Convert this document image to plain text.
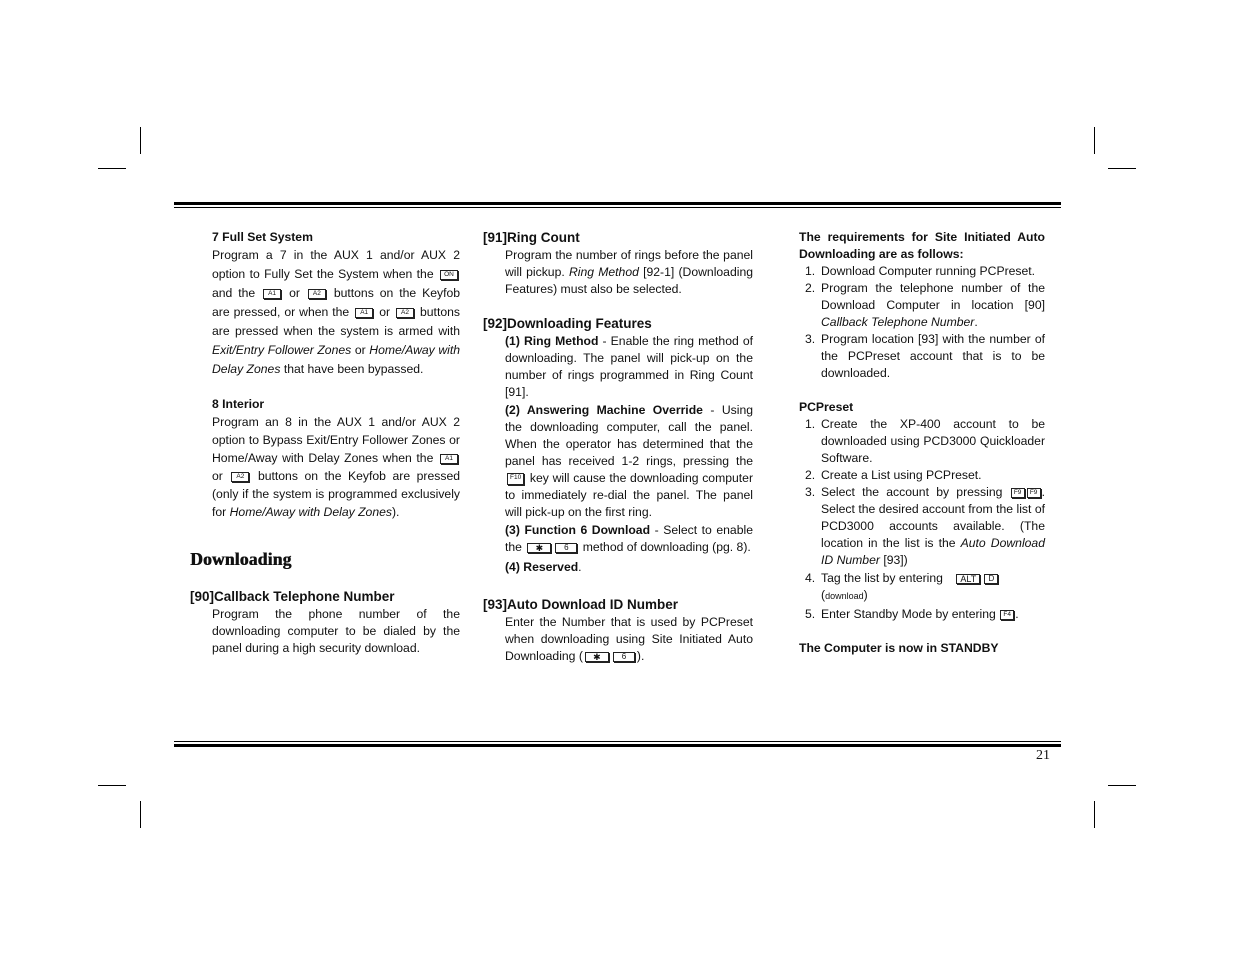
7 Full Set System
Program a 7 in the AUX 1 and/or AUX 2 option to Fully Set the System when the ON and the A1 or A2 buttons on the Keyfob are pressed, or when the A1 or A2 buttons are pressed when the system is armed with Exit/Entry Follower Zones or Home/Away with Delay Zones that have been bypassed.
8 Interior
Program an 8 in the AUX 1 and/or AUX 2 option to Bypass Exit/Entry Follower Zones or Home/Away with Delay Zones when the A1 or A2 buttons on the Keyfob are pressed (only if the system is programmed exclusively for Home/Away with Delay Zones).
Downloading
[90]Callback Telephone Number
Program the phone number of the downloading computer to be dialed by the panel during a high security download.
[91]Ring Count
Program the number of rings before the panel will pickup. Ring Method [92-1] (Downloading Features) must also be selected.
[92]Downloading Features
(1) Ring Method - Enable the ring method of downloading. The panel will pick-up on the number of rings programmed in Ring Count [91].
(2) Answering Machine Override - Using the downloading computer, call the panel. When the operator has determined that the panel has received 1-2 rings, pressing the F10 key will cause the downloading computer to immediately re-dial the panel. The panel will pick-up on the first ring.
(3) Function 6 Download - Select to enable the ✱	6 method of downloading (pg. 8).
(4) Reserved.
[93]Auto Download ID Number
Enter the Number that is used by PCPreset when downloading using Site Initiated Auto Downloading ( ✱	6 ).
The requirements for Site Initiated Auto Downloading are as follows:
1. Download Computer running PCPreset.
2. Program the telephone number of the Download Computer in location [90] Callback Telephone Number.
3. Program location [93] with the number of the PCPreset account that is to be downloaded.
PCPreset
1. Create the XP-400 account to be downloaded using PCD3000 Quickloader Software.
2. Create a List using PCPreset.
3. Select the account by pressing F9 F9 . Select the desired account from the list of PCD3000 accounts available. (The location in the list is the Auto Download ID Number [93])
4. Tag the list by entering ALT D
(download)
5. Enter Standby Mode by entering F4 .
The Computer is now in STANDBY
21
